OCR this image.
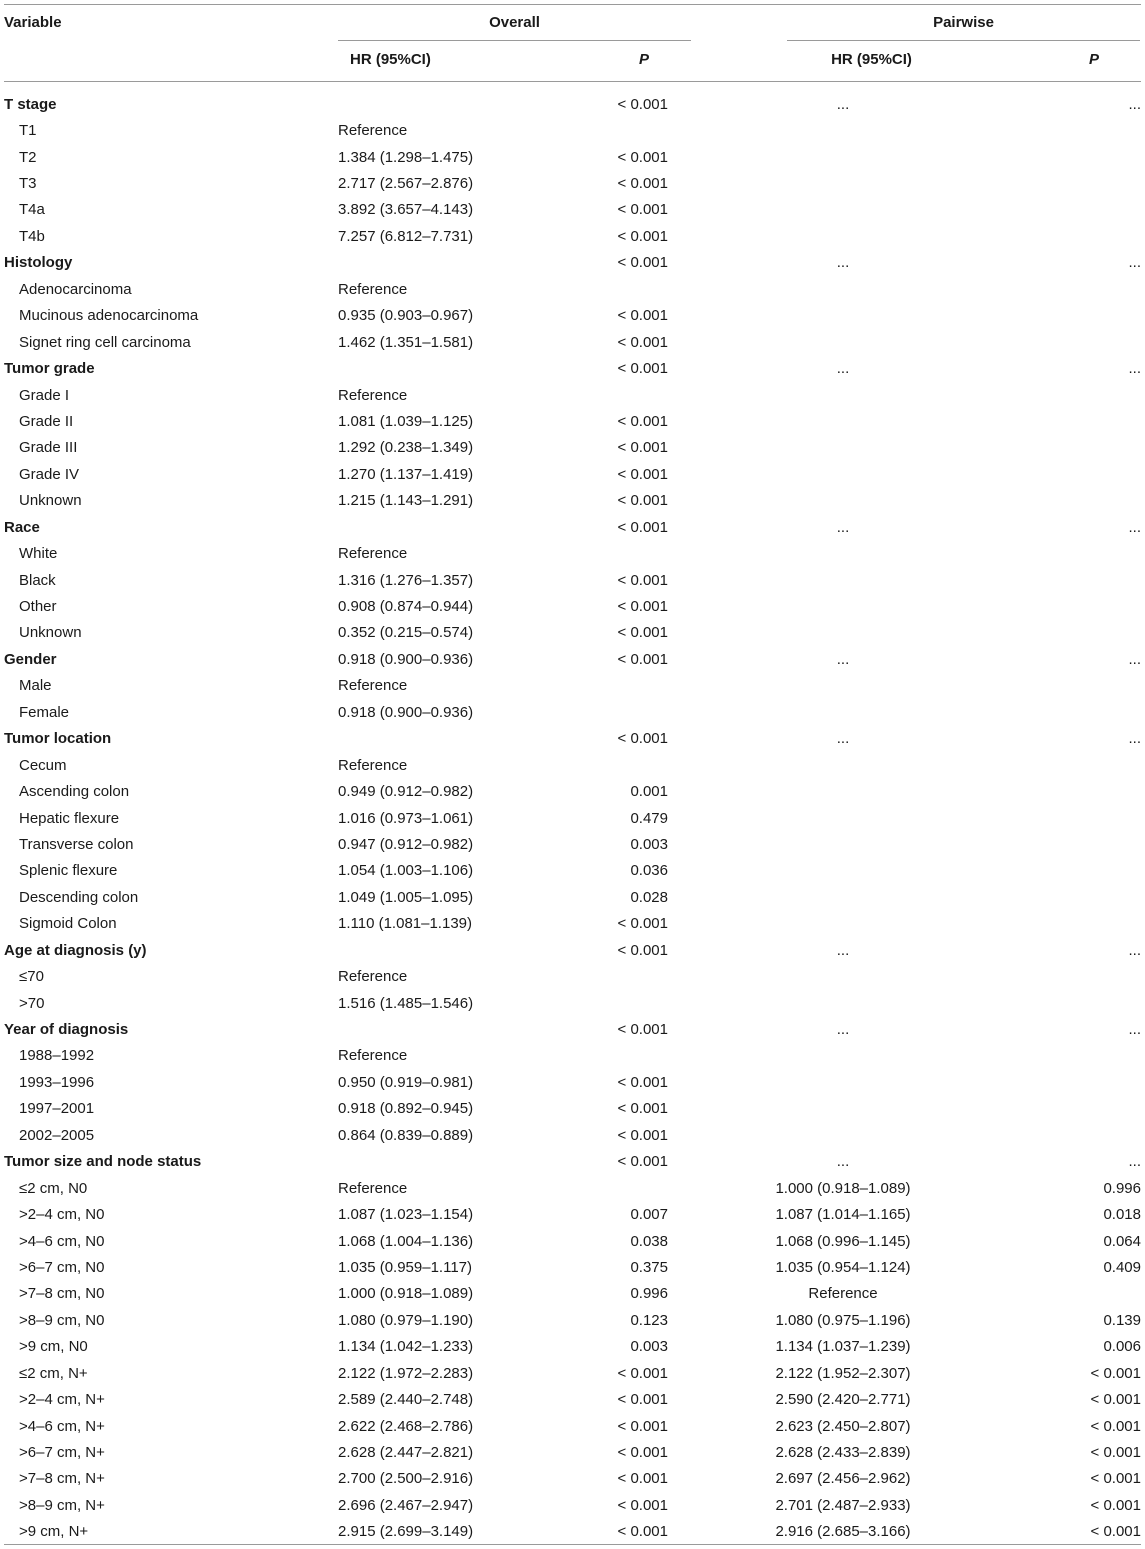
Variable	Overall	Pairwise
HR (95%CI)	P	HR (95%CI)	P
T stage		< 0.001	...	...
T1	Reference			
T2	1.384 (1.298–1.475)	< 0.001		
T3	2.717 (2.567–2.876)	< 0.001		
T4a	3.892 (3.657–4.143)	< 0.001		
T4b	7.257 (6.812–7.731)	< 0.001		
Histology		< 0.001	...	...
Adenocarcinoma	Reference			
Mucinous adenocarcinoma	0.935 (0.903–0.967)	< 0.001		
Signet ring cell carcinoma	1.462 (1.351–1.581)	< 0.001		
Tumor grade		< 0.001	...	...
Grade I	Reference			
Grade II	1.081 (1.039–1.125)	< 0.001		
Grade III	1.292 (0.238–1.349)	< 0.001		
Grade IV	1.270 (1.137–1.419)	< 0.001		
Unknown	1.215 (1.143–1.291)	< 0.001		
Race		< 0.001	...	...
White	Reference			
Black	1.316 (1.276–1.357)	< 0.001		
Other	0.908 (0.874–0.944)	< 0.001		
Unknown	0.352 (0.215–0.574)	< 0.001		
Gender	0.918 (0.900–0.936)	< 0.001	...	...
Male	Reference			
Female	0.918 (0.900–0.936)			
Tumor location		< 0.001	...	...
Cecum	Reference			
Ascending colon	0.949 (0.912–0.982)	0.001		
Hepatic flexure	1.016 (0.973–1.061)	0.479		
Transverse colon	0.947 (0.912–0.982)	0.003		
Splenic flexure	1.054 (1.003–1.106)	0.036		
Descending colon	1.049 (1.005–1.095)	0.028		
Sigmoid Colon	1.110 (1.081–1.139)	< 0.001		
Age at diagnosis (y)		< 0.001	...	...
≤70	Reference			
>70	1.516 (1.485–1.546)			
Year of diagnosis		< 0.001	...	...
1988–1992	Reference			
1993–1996	0.950 (0.919–0.981)	< 0.001		
1997–2001	0.918 (0.892–0.945)	< 0.001		
2002–2005	0.864 (0.839–0.889)	< 0.001		
Tumor size and node status		< 0.001	...	...
≤2 cm, N0	Reference		1.000 (0.918–1.089)	0.996
>2–4 cm, N0	1.087 (1.023–1.154)	0.007	1.087 (1.014–1.165)	0.018
>4–6 cm, N0	1.068 (1.004–1.136)	0.038	1.068 (0.996–1.145)	0.064
>6–7 cm, N0	1.035 (0.959–1.117)	0.375	1.035 (0.954–1.124)	0.409
>7–8 cm, N0	1.000 (0.918–1.089)	0.996	Reference	
>8–9 cm, N0	1.080 (0.979–1.190)	0.123	1.080 (0.975–1.196)	0.139
>9 cm, N0	1.134 (1.042–1.233)	0.003	1.134 (1.037–1.239)	0.006
≤2 cm, N+	2.122 (1.972–2.283)	< 0.001	2.122 (1.952–2.307)	< 0.001
>2–4 cm, N+	2.589 (2.440–2.748)	< 0.001	2.590 (2.420–2.771)	< 0.001
>4–6 cm, N+	2.622 (2.468–2.786)	< 0.001	2.623 (2.450–2.807)	< 0.001
>6–7 cm, N+	2.628 (2.447–2.821)	< 0.001	2.628 (2.433–2.839)	< 0.001
>7–8 cm, N+	2.700 (2.500–2.916)	< 0.001	2.697 (2.456–2.962)	< 0.001
>8–9 cm, N+	2.696 (2.467–2.947)	< 0.001	2.701 (2.487–2.933)	< 0.001
>9 cm, N+	2.915 (2.699–3.149)	< 0.001	2.916 (2.685–3.166)	< 0.001
